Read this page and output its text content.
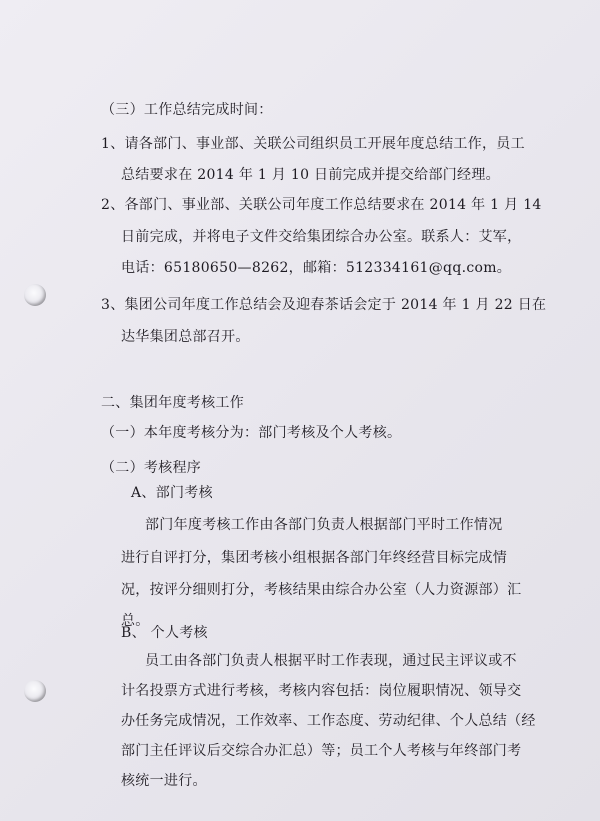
（三）工作总结完成时间：
1、请各部门、事业部、关联公司组织员工开展年度总结工作，员工
总结要求在 2014 年 1 月 10 日前完成并提交给部门经理。
2、各部门、事业部、关联公司年度工作总结要求在 2014 年 1 月 14
日前完成，并将电子文件交给集团综合办公室。联系人：艾军，
电话：65180650—8262，邮箱：512334161@qq.com。
3、集团公司年度工作总结会及迎春茶话会定于 2014 年 1 月 22 日在
达华集团总部召开。
二、集团年度考核工作
（一）本年度考核分为：部门考核及个人考核。
（二）考核程序
A、部门考核
部门年度考核工作由各部门负责人根据部门平时工作情况
进行自评打分，集团考核小组根据各部门年终经营目标完成情
况，按评分细则打分，考核结果由综合办公室（人力资源部）汇
总。
B、 个人考核
员工由各部门负责人根据平时工作表现，通过民主评议或不
计名投票方式进行考核，考核内容包括：岗位履职情况、领导交
办任务完成情况，工作效率、工作态度、劳动纪律、个人总结（经
部门主任评议后交综合办汇总）等；员工个人考核与年终部门考
核统一进行。
